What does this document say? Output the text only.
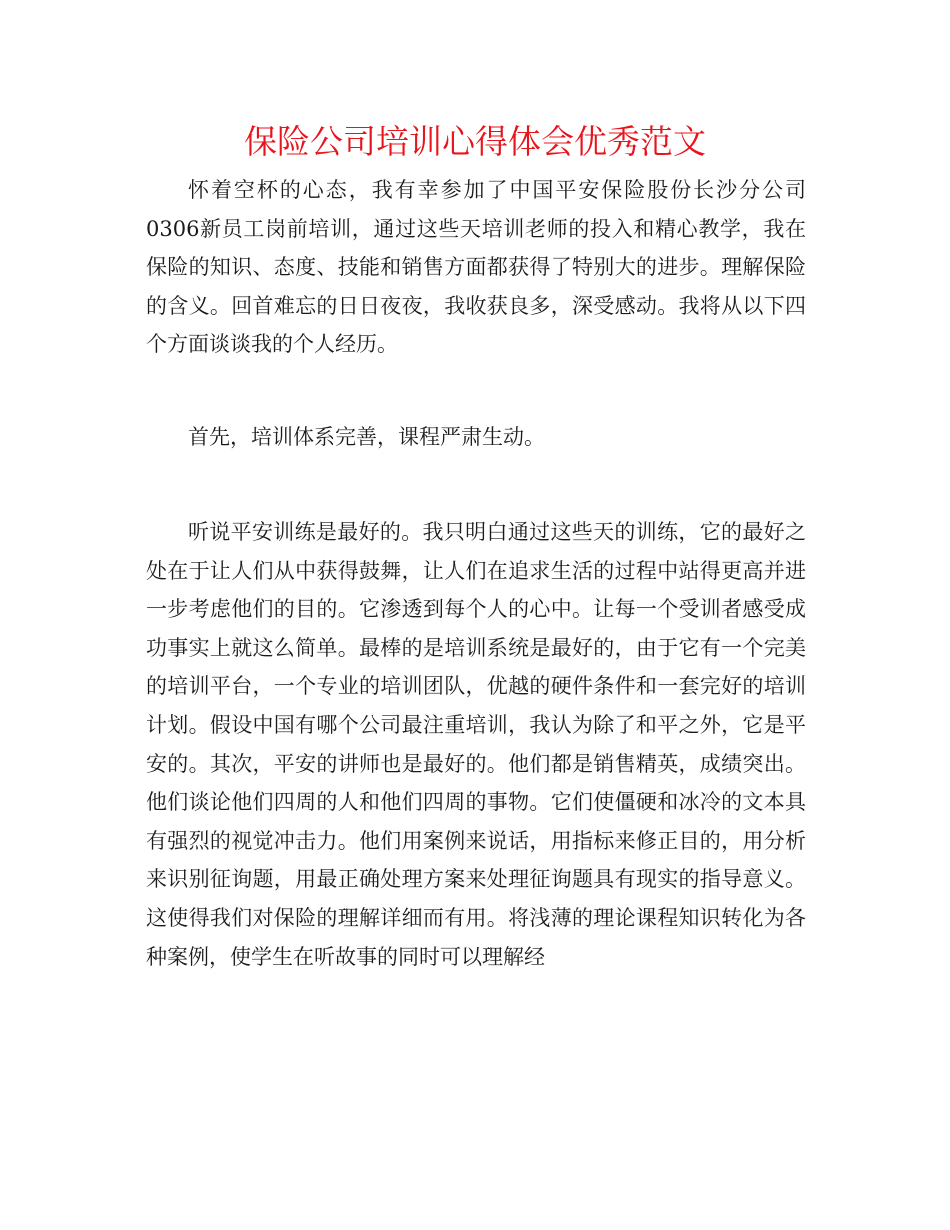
保险公司培训心得体会优秀范文

怀着空杯的心态，我有幸参加了中国平安保险股份长沙分公司0306新员工岗前培训，通过这些天培训老师的投入和精心教学，我在保险的知识、态度、技能和销售方面都获得了特别大的进步。理解保险的含义。回首难忘的日日夜夜，我收获良多，深受感动。我将从以下四个方面谈谈我的个人经历。

首先，培训体系完善，课程严肃生动。

听说平安训练是最好的。我只明白通过这些天的训练，它的最好之处在于让人们从中获得鼓舞，让人们在追求生活的过程中站得更高并进一步考虑他们的目的。它渗透到每个人的心中。让每一个受训者感受成功事实上就这么简单。最棒的是培训系统是最好的，由于它有一个完美的培训平台，一个专业的培训团队，优越的硬件条件和一套完好的培训计划。假设中国有哪个公司最注重培训，我认为除了和平之外，它是平安的。其次，平安的讲师也是最好的。他们都是销售精英，成绩突出。他们谈论他们四周的人和他们四周的事物。它们使僵硬和冰冷的文本具有强烈的视觉冲击力。他们用案例来说话，用指标来修正目的，用分析来识别征询题，用最正确处理方案来处理征询题具有现实的指导意义。这使得我们对保险的理解详细而有用。将浅薄的理论课程知识转化为各种案例，使学生在听故事的同时可以理解经
